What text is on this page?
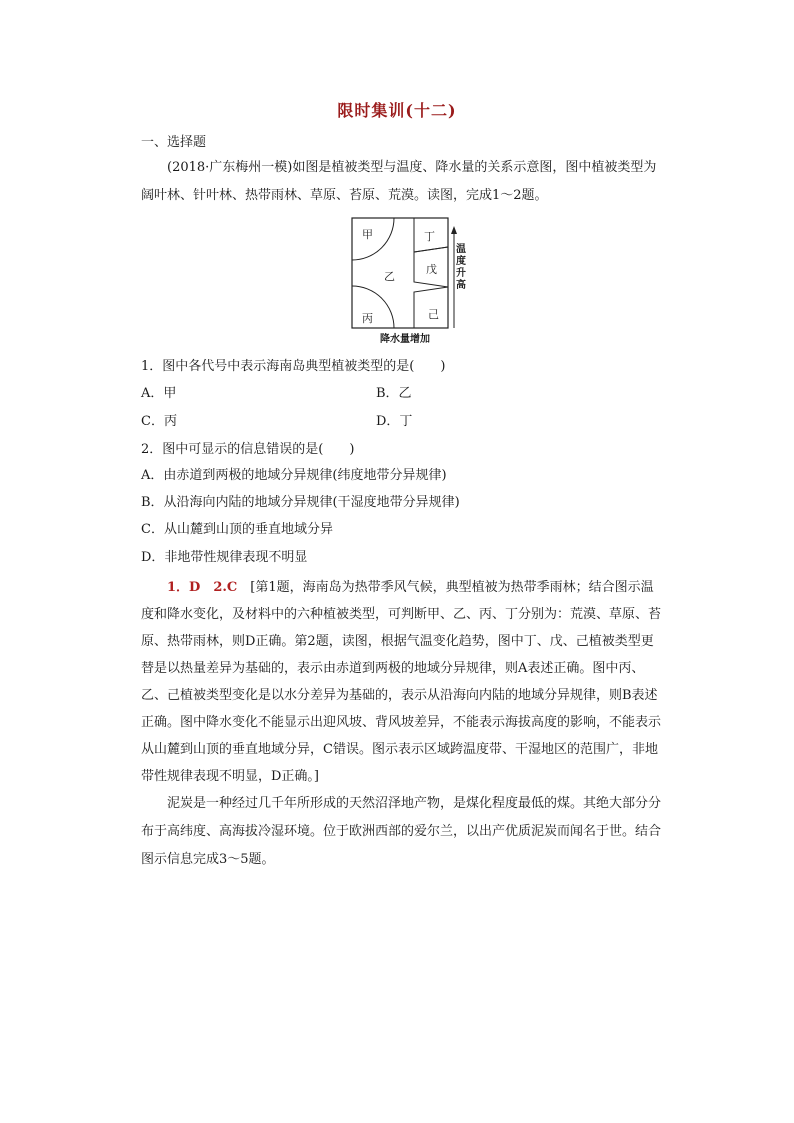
限时集训(十二)
一、选择题
(2018·广东梅州一模)如图是植被类型与温度、降水量的关系示意图，图中植被类型为阔叶林、针叶林、热带雨林、草原、苔原、荒漠。读图，完成1～2题。
甲
乙
丙
丁
戊
己
温度升高
降水量增加
1．图中各代号中表示海南岛典型植被类型的是(　　)
A．甲	B．乙
C．丙	D．丁
2．图中可显示的信息错误的是(　　)
A．由赤道到两极的地域分异规律(纬度地带分异规律)
B．从沿海向内陆的地域分异规律(干湿度地带分异规律)
C．从山麓到山顶的垂直地域分异
D．非地带性规律表现不明显
1．D　2.C　[第1题，海南岛为热带季风气候，典型植被为热带季雨林；结合图示温度和降水变化，及材料中的六种植被类型，可判断甲、乙、丙、丁分别为：荒漠、草原、苔原、热带雨林，则D正确。第2题，读图，根据气温变化趋势，图中丁、戊、己植被类型更替是以热量差异为基础的，表示由赤道到两极的地域分异规律，则A表述正确。图中丙、乙、己植被类型变化是以水分差异为基础的，表示从沿海向内陆的地域分异规律，则B表述正确。图中降水变化不能显示出迎风坡、背风坡差异，不能表示海拔高度的影响，不能表示从山麓到山顶的垂直地域分异，C错误。图示表示区域跨温度带、干湿地区的范围广，非地带性规律表现不明显，D正确。]
泥炭是一种经过几千年所形成的天然沼泽地产物，是煤化程度最低的煤。其绝大部分分布于高纬度、高海拔冷湿环境。位于欧洲西部的爱尔兰，以出产优质泥炭而闻名于世。结合图示信息完成3～5题。
